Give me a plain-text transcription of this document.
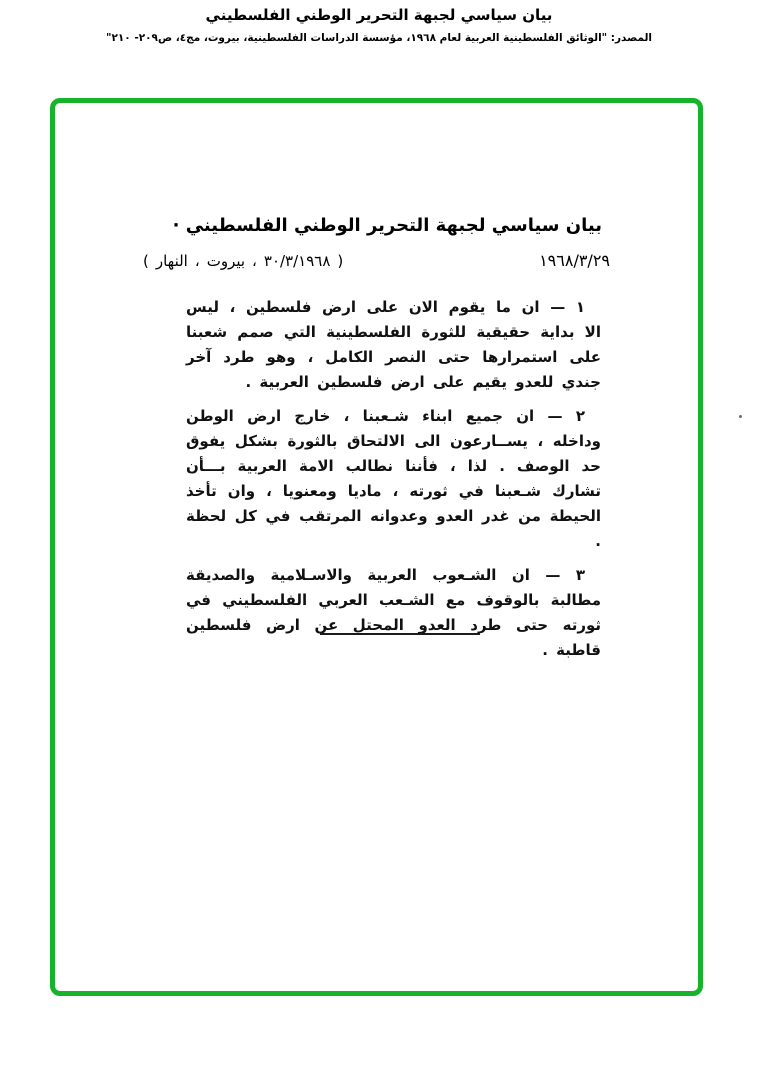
بيان سياسي لجبهة التحرير الوطني الفلسطيني
المصدر: "الوثائق الفلسطينية العربية لعام ١٩٦٨، مؤسسة الدراسات الفلسطينية، بيروت، مج٤، ص٢٠٩- ٢١٠"
بيان سياسي لجبهة التحرير الوطني الفلسطيني ·
( النهار ، بيروت ، ٣٠/٣/١٩٦٨ )	١٩٦٨/٣/٢٩

١ — ان ما يقوم الان على ارض فلسطين ، ليس الا بداية حقيقية للثورة الفلسطينية التي صمم شعبنا على استمرارها حتى النصر الكامل ، وهو طرد آخر جندي للعدو يقيم على ارض فلسطين العربية .

٢ — ان جميع ابناء شـعبنا ، خارج ارض الوطن وداخله ، يســارعون الى الالتحاق بالثورة بشكل يفوق حد الوصف . لذا ، فأننا نطالب الامة العربية بـــأن تشارك شـعبنا في ثورته ، ماديا ومعنويا ، وان تأخذ الحيطة من غدر العدو وعدوانه المرتقب في كل لحظة .

٣ — ان الشـعوب العربية والاسـلامية والصديقة مطالبة بالوقوف مع الشـعب العربي الفلسطيني في ثورته حتى طرد العدو المحتل عن ارض فلسطين قاطبة .
